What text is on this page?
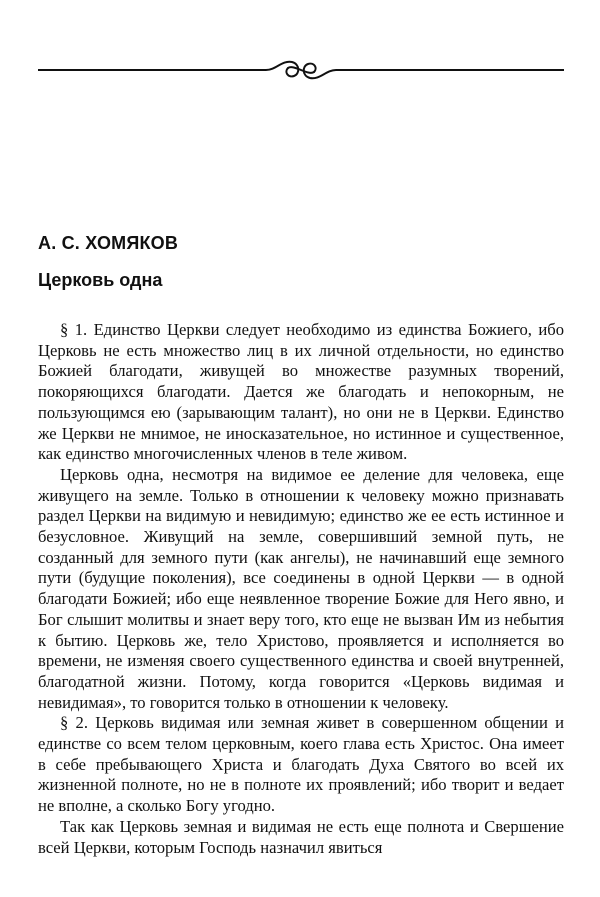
А. С. ХОМЯКОВ
Церковь одна

§ 1. Единство Церкви следует необходимо из единства Божиего, ибо Церковь не есть множество лиц в их личной отдельности, но единство Божией благодати, живущей во множестве разумных творений, покоряющихся благодати. Дается же благодать и непокорным, не пользующимся ею (зарывающим талант), но они не в Церкви. Единство же Церкви не мнимое, не иносказательное, но истинное и существенное, как единство многочисленных членов в теле живом.

Церковь одна, несмотря на видимое ее деление для человека, еще живущего на земле. Только в отношении к человеку можно признавать раздел Церкви на видимую и невидимую; единство же ее есть истинное и безусловное. Живущий на земле, совершивший земной путь, не созданный для земного пути (как ангелы), не начинавший еще земного пути (будущие поколения), все соединены в одной Церкви — в одной благодати Божией; ибо еще неявленное творение Божие для Него явно, и Бог слышит молитвы и знает веру того, кто еще не вызван Им из небытия к бытию. Церковь же, тело Христово, проявляется и исполняется во времени, не изменяя своего существенного единства и своей внутренней, благодатной жизни. Потому, когда говорится «Церковь видимая и невидимая», то говорится только в отношении к человеку.

§ 2. Церковь видимая или земная живет в совершенном общении и единстве со всем телом церковным, коего глава есть Христос. Она имеет в себе пребывающего Христа и благодать Духа Святого во всей их жизненной полноте, но не в полноте их проявлений; ибо творит и ведает не вполне, а сколько Богу угодно.

Так как Церковь земная и видимая не есть еще полнота и Свершение всей Церкви, которым Господь назначил явиться
